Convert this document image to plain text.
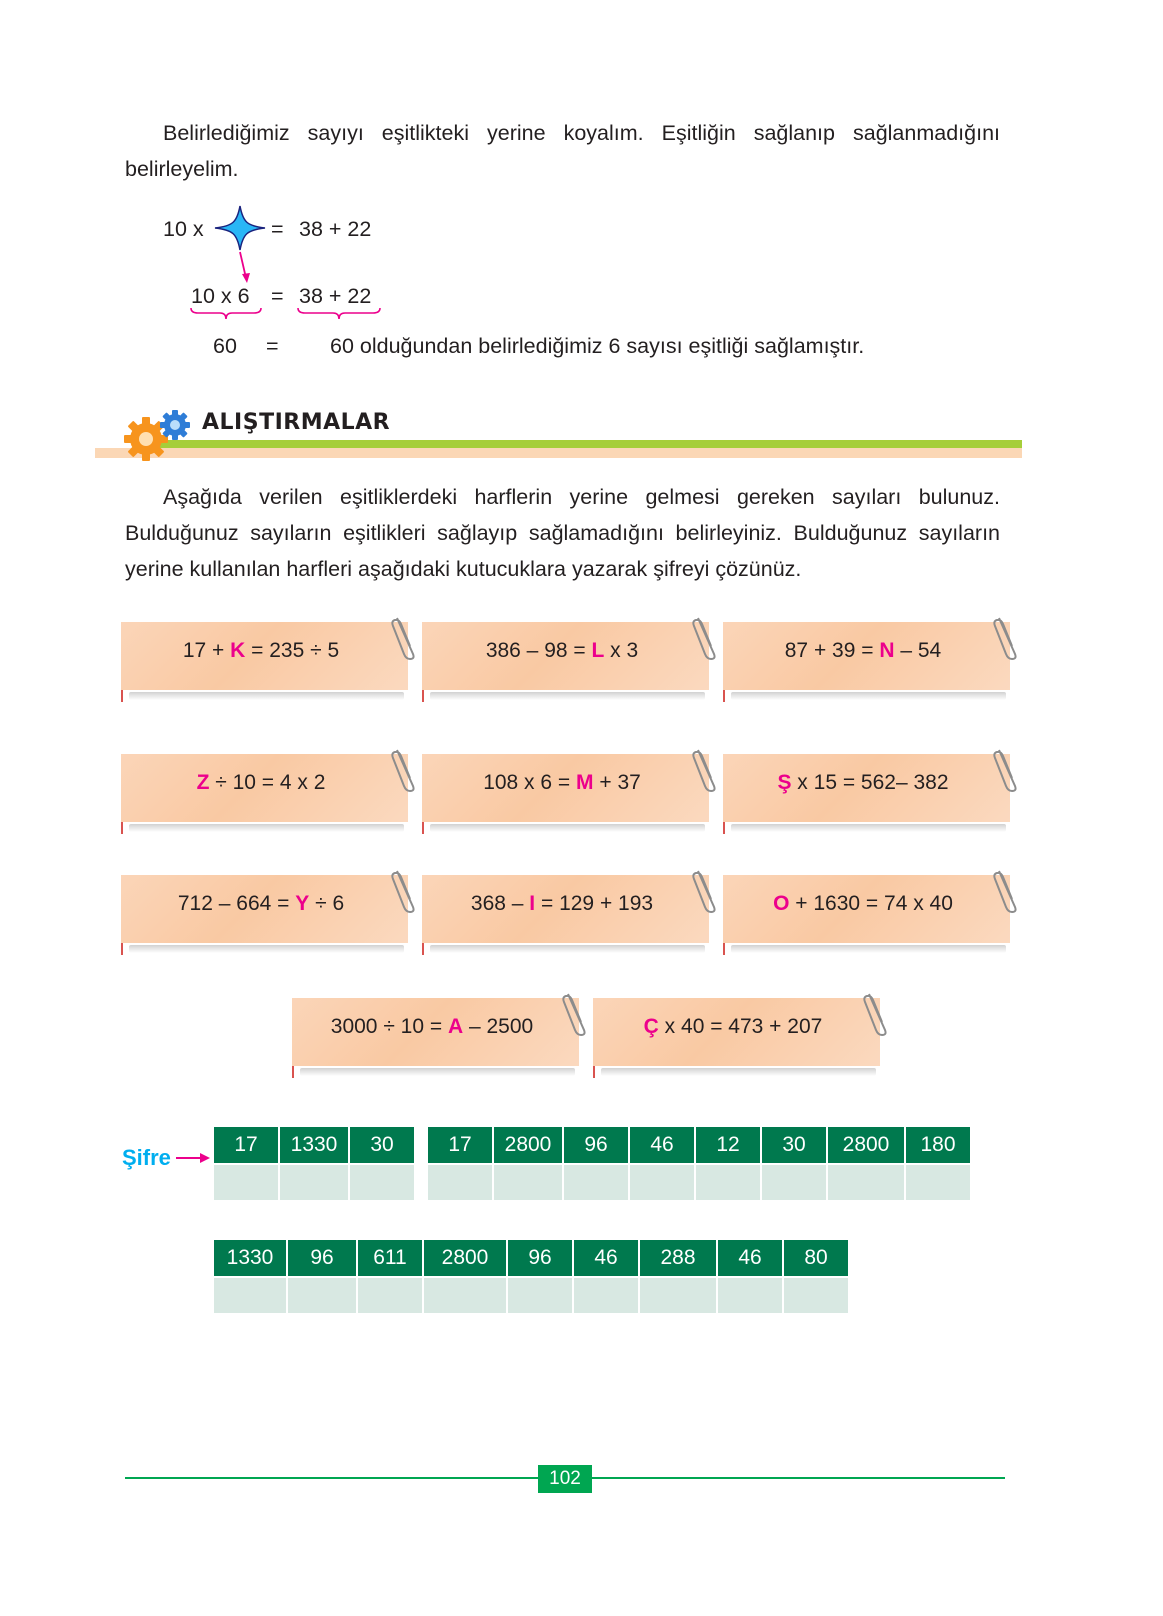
Belirlediğimiz sayıyı eşitlikteki yerine koyalım. Eşitliğin sağlanıp sağlanmadığını belirleyelim.

10 x	= 38 + 22
10 x 6 = 38 + 22
60 = 60 olduğundan belirlediğimiz 6 sayısı eşitliği sağlamıştır.
ALIŞTIRMALAR

Aşağıda verilen eşitliklerdeki harflerin yerine gelmesi gereken sayıları bulunuz. Bulduğunuz sayıların eşitlikleri sağlayıp sağlamadığını belirleyiniz. Bulduğunuz sayıların yerine kullanılan harfleri aşağıdaki kutucuklara yazarak şifreyi çözünüz.

17 + K = 235 ÷ 5	386 – 98 = L x 3	87 + 39 = N – 54
Z ÷ 10 = 4 x 2	108 x 6 = M + 37	Ş x 15 = 562– 382
712 – 664 = Y ÷ 6	368 – I = 129 + 193	O + 1630 = 74 x 40
3000 ÷ 10 = A – 2500	Ç x 40 = 473 + 207
Şifre
17	1330	30	17	2800	96	46	12	30	2800	180
1330	96	611	2800	96	46	288	46	80
102
